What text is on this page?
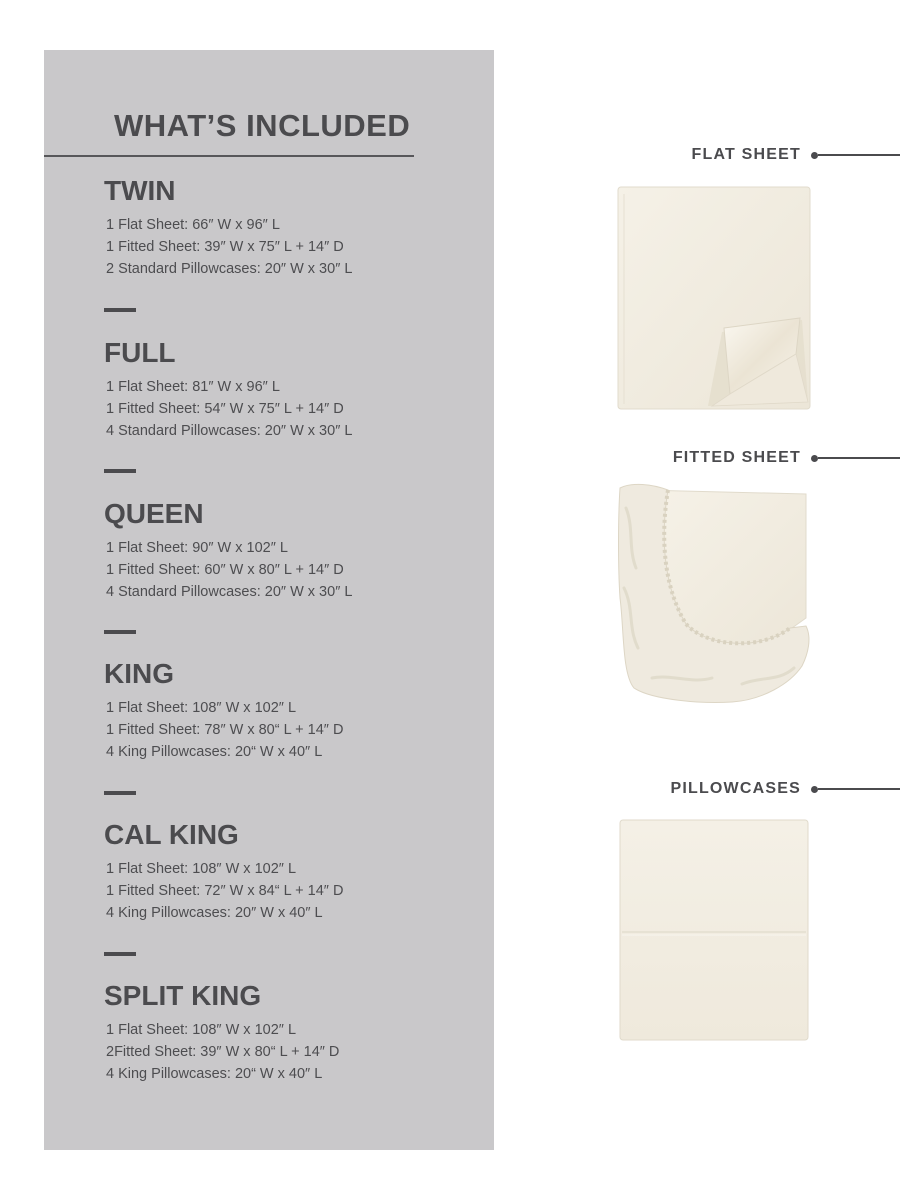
WHAT’S INCLUDED
TWIN
1 Flat Sheet: 66″ W x 96″ L
1 Fitted Sheet: 39″ W x 75″ L + 14″ D
2 Standard Pillowcases: 20″ W x 30″ L
FULL
1 Flat Sheet: 81″ W x 96″ L
1 Fitted Sheet: 54″ W x 75″ L + 14″ D
4 Standard Pillowcases: 20″ W x 30″ L
QUEEN
1 Flat Sheet: 90″ W x 102″ L
1 Fitted Sheet: 60″ W x 80″ L + 14″ D
4 Standard Pillowcases: 20″ W x 30″ L
KING
1 Flat Sheet: 108″ W x 102″ L
1 Fitted Sheet: 78″ W x 80“ L + 14″ D
4 King Pillowcases: 20“ W x 40″ L
CAL KING
1 Flat Sheet: 108″ W x 102″ L
1 Fitted Sheet: 72″ W x 84“ L + 14″ D
4 King Pillowcases: 20″ W x 40″ L
SPLIT KING
1 Flat Sheet: 108″ W x 102″ L
2Fitted Sheet: 39″ W x 80“ L + 14″ D
4 King Pillowcases: 20“ W x 40″ L
FLAT SHEET
FITTED SHEET
PILLOWCASES
